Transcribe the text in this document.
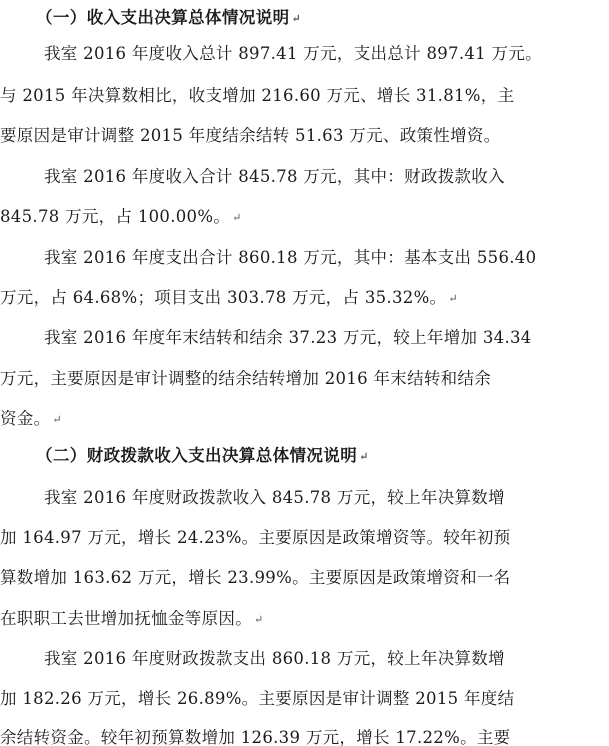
（一）收入支出决算总体情况说明 ↵
我室 2016 年度收入总计 897.41 万元，支出总计 897.41 万元。
与 2015 年决算数相比，收支增加 216.60 万元、增长 31.81%，主
要原因是审计调整 2015 年度结余结转 51.63 万元、政策性增资。
我室 2016 年度收入合计 845.78 万元，其中：财政拨款收入
845.78 万元，占 100.00%。 ↵
我室 2016 年度支出合计 860.18 万元，其中：基本支出 556.40
万元，占 64.68%；项目支出 303.78 万元，占 35.32%。 ↵
我室 2016 年度年末结转和结余 37.23 万元，较上年增加 34.34
万元，主要原因是审计调整的结余结转增加 2016 年末结转和结余
资金。 ↵
（二）财政拨款收入支出决算总体情况说明 ↵
我室 2016 年度财政拨款收入 845.78 万元，较上年决算数增
加 164.97 万元，增长 24.23%。主要原因是政策增资等。较年初预
算数增加 163.62 万元，增长 23.99%。主要原因是政策增资和一名
在职职工去世增加抚恤金等原因。 ↵
我室 2016 年度财政拨款支出 860.18 万元，较上年决算数增
加 182.26 万元，增长 26.89%。主要原因是审计调整 2015 年度结
余结转资金。较年初预算数增加 126.39 万元，增长 17.22%。主要
